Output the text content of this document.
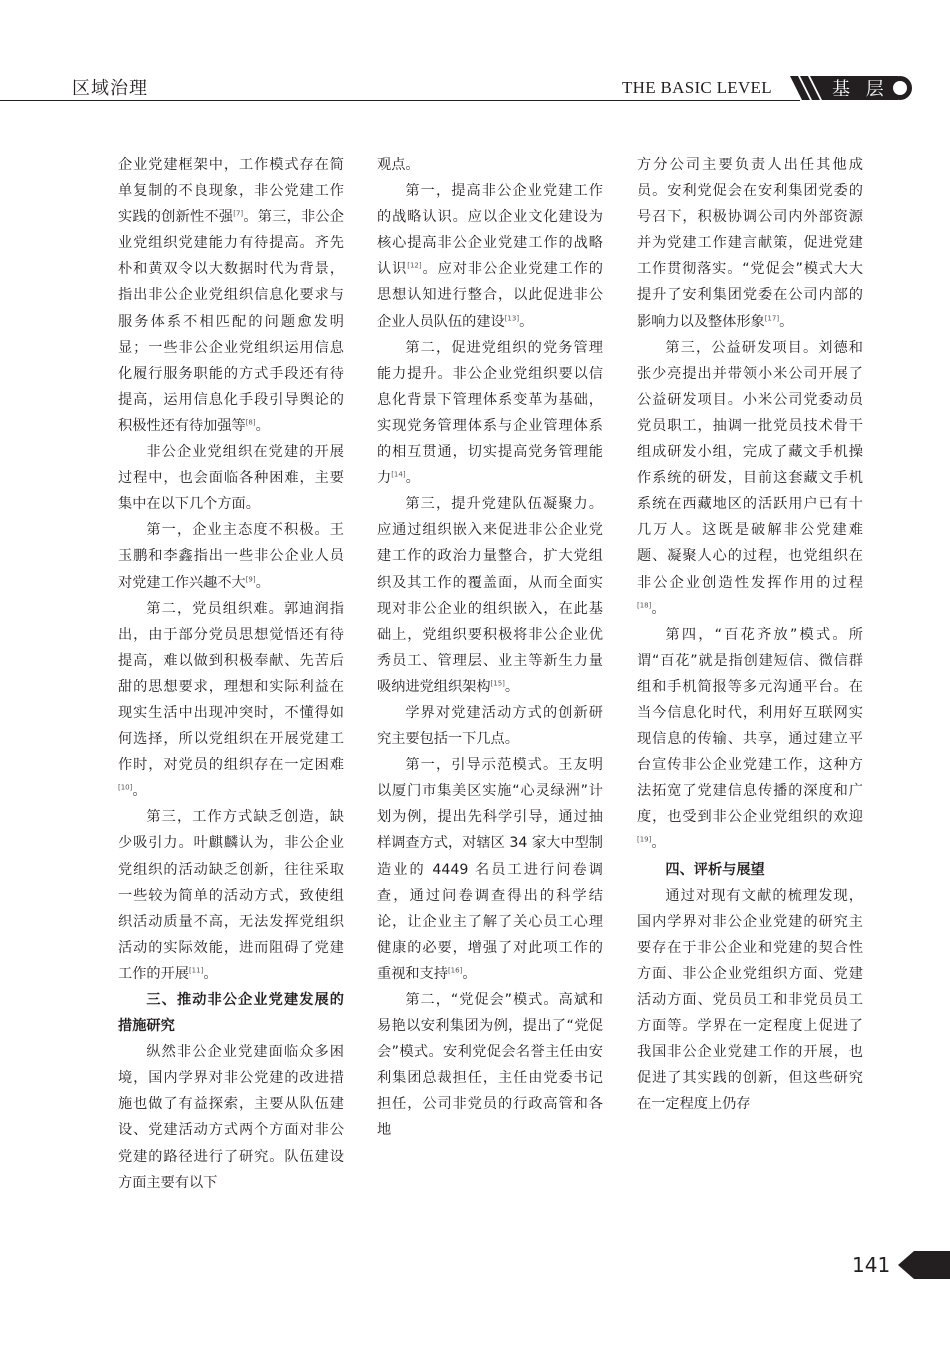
区域治理	THE BASIC LEVEL	基 层

企业党建框架中，工作模式存在简单复制的不良现象，非公党建工作实践的创新性不强[7]。第三，非公企业党组织党建能力有待提高。齐先朴和黄双令以大数据时代为背景，指出非公企业党组织信息化要求与服务体系不相匹配的问题愈发明显；一些非公企业党组织运用信息化履行服务职能的方式手段还有待提高，运用信息化手段引导舆论的积极性还有待加强等[8]。

非公企业党组织在党建的开展过程中，也会面临各种困难，主要集中在以下几个方面。

第一，企业主态度不积极。王玉鹏和李鑫指出一些非公企业人员对党建工作兴趣不大[9]。

第二，党员组织难。郭迪润指出，由于部分党员思想觉悟还有待提高，难以做到积极奉献、先苦后甜的思想要求，理想和实际利益在现实生活中出现冲突时，不懂得如何选择，所以党组织在开展党建工作时，对党员的组织存在一定困难[10]。

第三，工作方式缺乏创造，缺少吸引力。叶麒麟认为，非公企业党组织的活动缺乏创新，往往采取一些较为简单的活动方式，致使组织活动质量不高，无法发挥党组织活动的实际效能，进而阻碍了党建工作的开展[11]。

三、推动非公企业党建发展的措施研究

纵然非公企业党建面临众多困境，国内学界对非公党建的改进措施也做了有益探索，主要从队伍建设、党建活动方式两个方面对非公党建的路径进行了研究。队伍建设方面主要有以下

观点。

第一，提高非公企业党建工作的战略认识。应以企业文化建设为核心提高非公企业党建工作的战略认识[12]。应对非公企业党建工作的思想认知进行整合，以此促进非公企业人员队伍的建设[13]。

第二，促进党组织的党务管理能力提升。非公企业党组织要以信息化背景下管理体系变革为基础，实现党务管理体系与企业管理体系的相互贯通，切实提高党务管理能力[14]。

第三，提升党建队伍凝聚力。应通过组织嵌入来促进非公企业党建工作的政治力量整合，扩大党组织及其工作的覆盖面，从而全面实现对非公企业的组织嵌入，在此基础上，党组织要积极将非公企业优秀员工、管理层、业主等新生力量吸纳进党组织架构[15]。

学界对党建活动方式的创新研究主要包括一下几点。

第一，引导示范模式。王友明以厦门市集美区实施“心灵绿洲”计划为例，提出先科学引导，通过抽样调查方式，对辖区 34 家大中型制造业的 4449 名员工进行问卷调查，通过问卷调查得出的科学结论，让企业主了解了关心员工心理健康的必要，增强了对此项工作的重视和支持[16]。

第二，“党促会”模式。高斌和易艳以安利集团为例，提出了“党促会”模式。安利党促会名誉主任由安利集团总裁担任，主任由党委书记担任，公司非党员的行政高管和各地

方分公司主要负责人出任其他成员。安利党促会在安利集团党委的号召下，积极协调公司内外部资源并为党建工作建言献策，促进党建工作贯彻落实。“党促会”模式大大提升了安利集团党委在公司内部的影响力以及整体形象[17]。

第三，公益研发项目。刘德和张少亮提出并带领小米公司开展了公益研发项目。小米公司党委动员党员职工，抽调一批党员技术骨干组成研发小组，完成了藏文手机操作系统的研发，目前这套藏文手机系统在西藏地区的活跃用户已有十几万人。这既是破解非公党建难题、凝聚人心的过程，也党组织在非公企业创造性发挥作用的过程[18]。

第四，“百花齐放”模式。所谓“百花”就是指创建短信、微信群组和手机简报等多元沟通平台。在当今信息化时代，利用好互联网实现信息的传输、共享，通过建立平台宣传非公企业党建工作，这种方法拓宽了党建信息传播的深度和广度，也受到非公企业党组织的欢迎[19]。

四、评析与展望

通过对现有文献的梳理发现，国内学界对非公企业党建的研究主要存在于非公企业和党建的契合性方面、非公企业党组织方面、党建活动方面、党员员工和非党员员工方面等。学界在一定程度上促进了我国非公企业党建工作的开展，也促进了其实践的创新，但这些研究在一定程度上仍存

141
